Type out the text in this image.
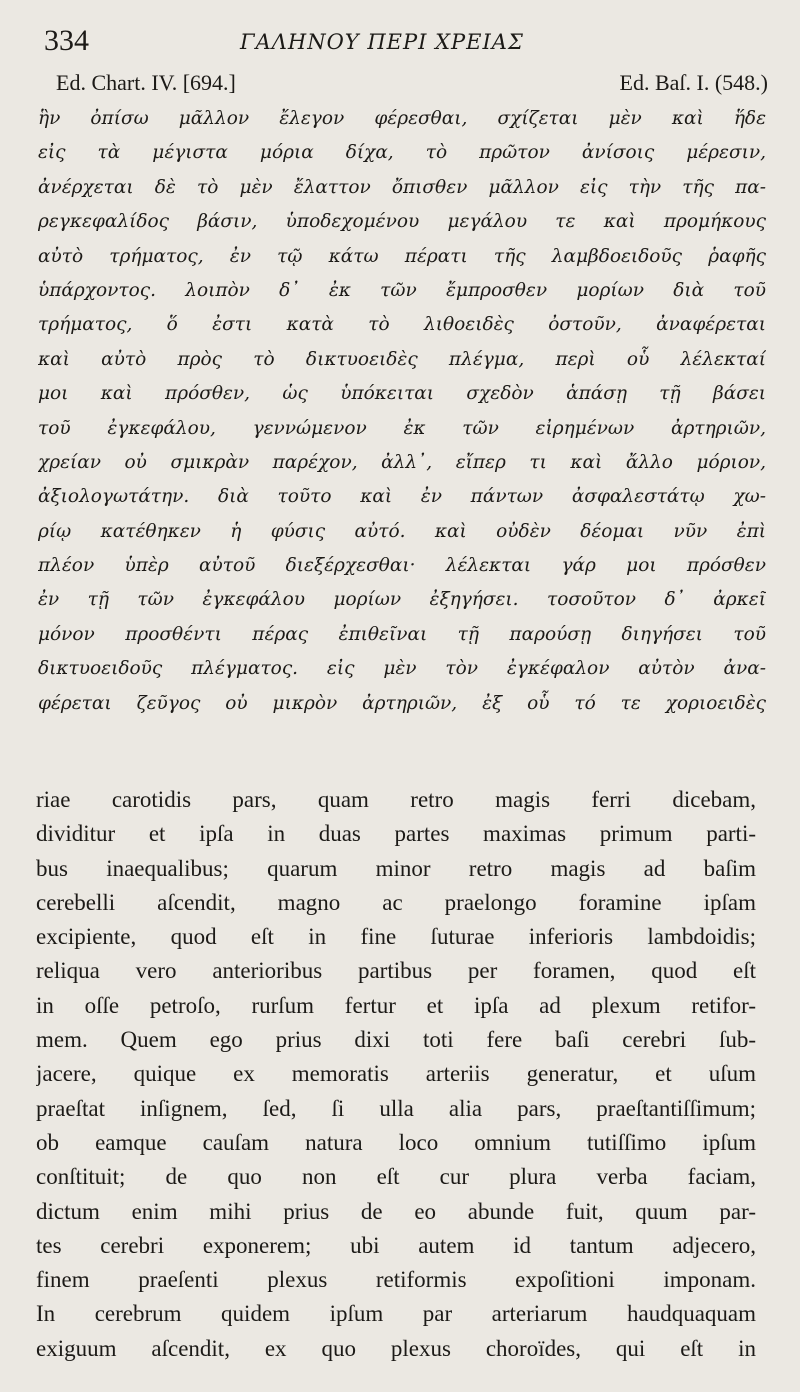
334	ΓΑΛΗΝΟΥ ΠΕΡΙ ΧΡΕΙΑΣ
Ed. Chart. IV. [694.]	Ed. Baſ. I. (548.)
ἣν ὀπίσω μᾶλλον ἔλεγον φέρεσθαι, σχίζεται μὲν καὶ ἥδε
εἰς τὰ μέγιστα μόρια δίχα, τὸ πρῶτον ἀνίσοις μέρεσιν,
ἀνέρχεται δὲ τὸ μὲν ἔλαττον ὄπισθεν μᾶλλον εἰς τὴν τῆς πα-
ρεγκεφαλίδος βάσιν, ὑποδεχομένου μεγάλου τε καὶ προμήκους
αὐτὸ τρήματος, ἐν τῷ κάτω πέρατι τῆς λαμβδοειδοῦς ῥαφῆς
ὑπάρχοντος. λοιπὸν δ᾽ ἐκ τῶν ἔμπροσθεν μορίων διὰ τοῦ
τρήματος, ὅ ἐστι κατὰ τὸ λιθοειδὲς ὀστοῦν, ἀναφέρεται
καὶ αὐτὸ πρὸς τὸ δικτυοειδὲς πλέγμα, περὶ οὗ λέλεκταί
μοι καὶ πρόσθεν, ὡς ὑπόκειται σχεδὸν ἁπάσῃ τῇ βάσει
τοῦ ἐγκεφάλου, γεννώμενον ἐκ τῶν εἰρημένων ἀρτηριῶν,
χρείαν οὐ σμικρὰν παρέχον, ἀλλ᾽, εἴπερ τι καὶ ἄλλο μόριον,
ἀξιολογωτάτην. διὰ τοῦτο καὶ ἐν πάντων ἀσφαλεστάτῳ χω-
ρίῳ κατέθηκεν ἡ φύσις αὐτό. καὶ οὐδὲν δέομαι νῦν ἐπὶ
πλέον ὑπὲρ αὐτοῦ διεξέρχεσθαι· λέλεκται γάρ μοι πρόσθεν
ἐν τῇ τῶν ἐγκεφάλου μορίων ἐξηγήσει. τοσοῦτον δ᾽ ἀρκεῖ
μόνον προσθέντι πέρας ἐπιθεῖναι τῇ παρούσῃ διηγήσει τοῦ
δικτυοειδοῦς πλέγματος. εἰς μὲν τὸν ἐγκέφαλον αὐτὸν ἀνα-
φέρεται ζεῦγος οὐ μικρὸν ἀρτηριῶν, ἐξ οὗ τό τε χοριοειδὲς
riae carotidis pars, quam retro magis ferri dicebam,
dividitur et ipſa in duas partes maximas primum parti-
bus inaequalibus; quarum minor retro magis ad baſim
cerebelli aſcendit, magno ac praelongo foramine ipſam
excipiente, quod eſt in fine ſuturae inferioris lambdoidis;
reliqua vero anterioribus partibus per foramen, quod eſt
in oſſe petroſo, rurſum fertur et ipſa ad plexum retifor-
mem. Quem ego prius dixi toti fere baſi cerebri ſub-
jacere, quique ex memoratis arteriis generatur, et uſum
praeſtat inſignem, ſed, ſi ulla alia pars, praeſtantiſſimum;
ob eamque cauſam natura loco omnium tutiſſimo ipſum
conſtituit; de quo non eſt cur plura verba faciam,
dictum enim mihi prius de eo abunde fuit, quum par-
tes cerebri exponerem; ubi autem id tantum adjecero,
finem praeſenti plexus retiformis expoſitioni imponam.
In cerebrum quidem ipſum par arteriarum haudquaquam
exiguum aſcendit, ex quo plexus choroïdes, qui eſt in
